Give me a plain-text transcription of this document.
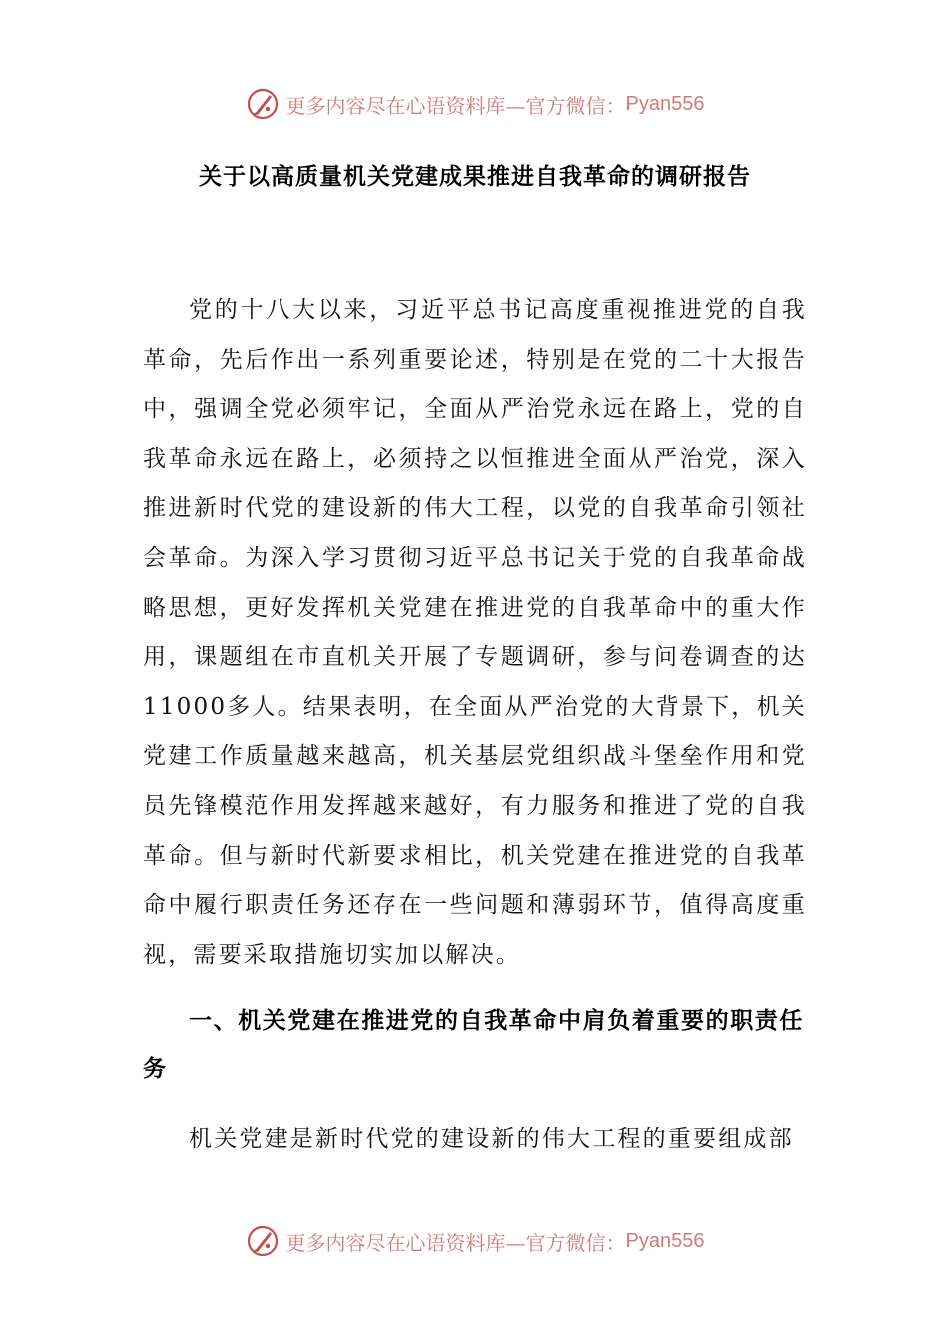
更多内容尽在心语资料库—官方微信： Pyan556
关于以高质量机关党建成果推进自我革命的调研报告

党的十八大以来，习近平总书记高度重视推进党的自我革命，先后作出一系列重要论述，特别是在党的二十大报告中，强调全党必须牢记，全面从严治党永远在路上，党的自我革命永远在路上，必须持之以恒推进全面从严治党，深入推进新时代党的建设新的伟大工程，以党的自我革命引领社会革命。为深入学习贯彻习近平总书记关于党的自我革命战略思想，更好发挥机关党建在推进党的自我革命中的重大作用，课题组在市直机关开展了专题调研，参与问卷调查的达11000多人。结果表明，在全面从严治党的大背景下，机关党建工作质量越来越高，机关基层党组织战斗堡垒作用和党员先锋模范作用发挥越来越好，有力服务和推进了党的自我革命。但与新时代新要求相比，机关党建在推进党的自我革命中履行职责任务还存在一些问题和薄弱环节，值得高度重视，需要采取措施切实加以解决。

一、机关党建在推进党的自我革命中肩负着重要的职责任务

机关党建是新时代党的建设新的伟大工程的重要组成部

更多内容尽在心语资料库—官方微信： Pyan556
